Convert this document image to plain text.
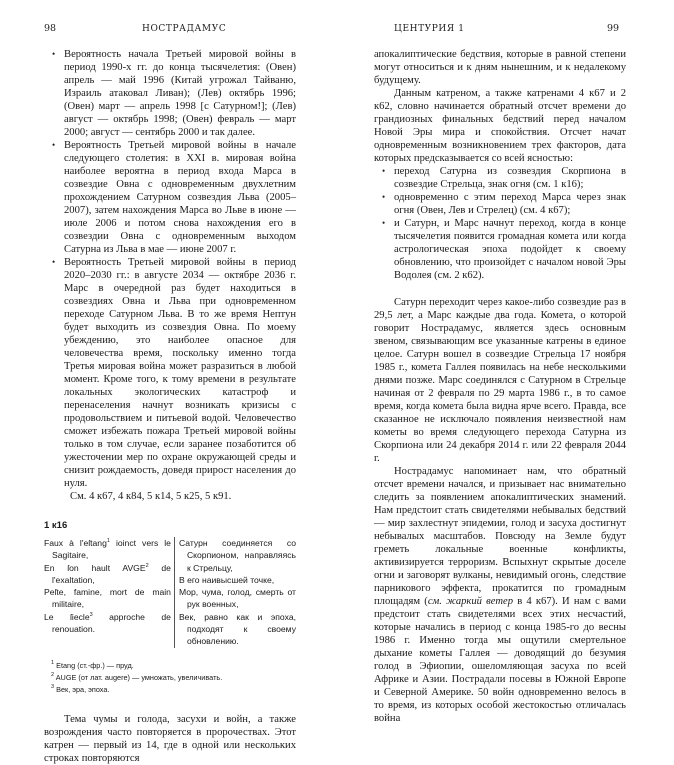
98	НОСТРАДАМУС
• Вероятность начала Третьей мировой войны в период 1990-х гг. до конца тысячелетия: (Овен) апрель — май 1996 (Китай угрожал Тайваню, Израиль атаковал Ливан); (Лев) октябрь 1996; (Овен) март — апрель 1998 [с Сатурном!]; (Лев) август — октябрь 1998; (Овен) февраль — март 2000; август — сентябрь 2000 и так далее.
• Вероятность Третьей мировой войны в начале следующего столетия: в XXI в. мировая война наиболее вероятна в период входа Марса в созвездие Овна с одновременным двухлетним прохождением Сатурном созвездия Льва (2005–2007), затем нахождения Марса во Льве в июне — июле 2006 и потом снова нахождения его в созвездии Овна с одновременным выходом Сатурна из Льва в мае — июне 2007 г.
• Вероятность Третьей мировой войны в период 2020–2030 гг.: в августе 2034 — октябре 2036 г. Марс в очередной раз будет находиться в созвездиях Овна и Льва при одновременном переходе Сатурном Льва. В то же время Нептун будет выходить из созвездия Овна. По моему убеждению, это наиболее опасное для человечества время, поскольку именно тогда Третья мировая война может разразиться в любой момент. Кроме того, к тому времени в результате локальных экологических катастроф и перенаселения начнут возникать кризисы с продовольствием и питьевой водой. Человечество сможет избежать пожара Третьей мировой войны только в том случае, если заранее позаботится об ужесточении мер по охране окружающей среды и снизит рождаемость, доведя прирост населения до нуля.

См. 4 к67, 4 к84, 5 к14, 5 к25, 5 к91.

1 к16
Faux à l'eſtang$^1$ ioinct vers le Sagitaire,
En ſon hault AVGE$^2$ de l'exaltation,
Peſte, famine, mort de main militaire,
Le ſiecle$^3$ approche de renouation.
Сатурн соединяется со Скорпионом, направляясь к Стрельцу,
В его наивысшей точке,
Мор, чума, голод, смерть от рук военных,
Век, равно как и эпоха, подходят к своему обновлению.
$^1$ Etang (ст.-фр.) — пруд.
$^2$ AUGE (от лат. augere) — умножать, увеличивать.
$^3$ Век, эра, эпоха.

Тема чумы и голода, засухи и войн, а также возрождения часто повторяется в пророчествах. Этот катрен — первый из 14, где в одной или нескольких строках повторяются

ЦЕНТУРИЯ 1	99

апокалиптические бедствия, которые в равной степени могут относиться и к дням нынешним, и к недалекому будущему.

Данным катреном, а также катренами 4 к67 и 2 к62, словно начинается обратный отсчет времени до грандиозных финальных бедствий перед началом Новой Эры мира и спокойствия. Отсчет начат одновременным возникновением трех факторов, дата которых предсказывается со всей ясностью:

• переход Сатурна из созвездия Скорпиона в созвездие Стрельца, знак огня (см. 1 к16);
• одновременно с этим переход Марса через знак огня (Овен, Лев и Стрелец) (см. 4 к67);
• и Сатурн, и Марс начнут переход, когда в конце тысячелетия появится громадная комета или когда астрологическая эпоха подойдет к своему обновлению, что произойдет с началом новой Эры Водолея (см. 2 к62).

Сатурн переходит через какое-либо созвездие раз в 29,5 лет, а Марс каждые два года. Комета, о которой говорит Нострадамус, является здесь основным звеном, связывающим все указанные катрены в единое целое. Сатурн вошел в созвездие Стрельца 17 ноября 1985 г., комета Галлея появилась на небе несколькими днями позже. Марс соединялся с Сатурном в Стрельце начиная от 2 февраля по 29 марта 1986 г., в то самое время, когда комета была видна ярче всего. Правда, все сказанное не исключало появления неизвестной нам кометы во время следующего перехода Сатурна из Скорпиона или 24 декабря 2014 г. или 22 февраля 2044 г.

Нострадамус напоминает нам, что обратный отсчет времени начался, и призывает нас внимательно следить за появлением апокалиптических знамений. Нам предстоит стать свидетелями небывалых бедствий — мир захлестнут эпидемии, голод и засуха достигнут небывалых масштабов. Повсюду на Земле будут греметь локальные военные конфликты, активизируется терроризм. Вспыхнут скрытые доселе огни и заговорят вулканы, невидимый огонь, следствие парникового эффекта, прокатится по громадным площадям (см. жаркий ветер в 4 к67). И нам с вами предстоит стать свидетелями всех этих несчастий, которые начались в период с конца 1985-го до весны 1986 г. Именно тогда мы ощутили смертельное дыхание кометы Галлея — доводящий до безумия голод в Эфиопии, ошеломляющая засуха по всей Африке и Азии. Пострадали посевы в Южной Европе и Северной Америке. 50 войн одновременно велось в то время, из которых особой жестокостью отличалась война
